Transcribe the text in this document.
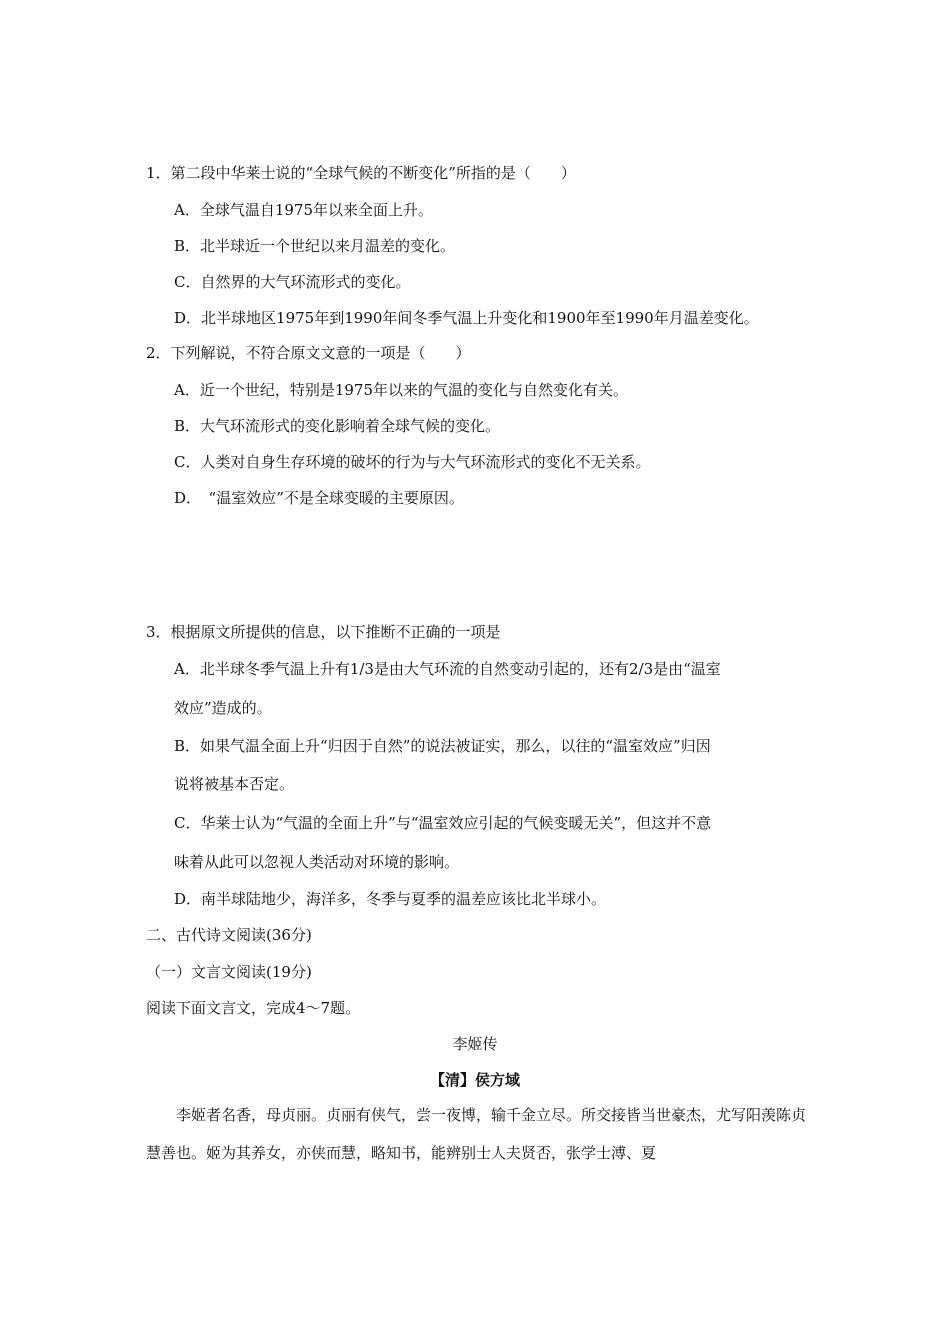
1．第二段中华莱士说的“全球气候的不断变化”所指的是（　　）
A．全球气温自1975年以来全面上升。
B．北半球近一个世纪以来月温差的变化。
C．自然界的大气环流形式的变化。
D．北半球地区1975年到1990年间冬季气温上升变化和1900年至1990年月温差变化。
2．下列解说，不符合原文文意的一项是（　　）
A．近一个世纪，特别是1975年以来的气温的变化与自然变化有关。
B．大气环流形式的变化影响着全球气候的变化。
C．人类对自身生存环境的破坏的行为与大气环流形式的变化不无关系。
D．　“温室效应”不是全球变暖的主要原因。
3．根据原文所提供的信息，以下推断不正确的一项是
A．北半球冬季气温上升有1/3是由大气环流的自然变动引起的，还有2/3是由“温室
效应”造成的。
B．如果气温全面上升“归因于自然”的说法被证实，那么，以往的“温室效应”归因
说将被基本否定。
C．华莱士认为“气温的全面上升”与“温室效应引起的气候变暖无关”，但这并不意
味着从此可以忽视人类活动对环境的影响。
D．南半球陆地少，海洋多，冬季与夏季的温差应该比北半球小。
二、古代诗文阅读(36分)
（一）文言文阅读(19分)
阅读下面文言文，完成4～7题。
李姬传
【清】侯方域
李姬者名香，母贞丽。贞丽有侠气，尝一夜博，输千金立尽。所交接皆当世豪杰，尤写阳羡陈贞慧善也。姬为其养女，亦侠而慧，略知书，能辨别士人夫贤否，张学士溥、夏
